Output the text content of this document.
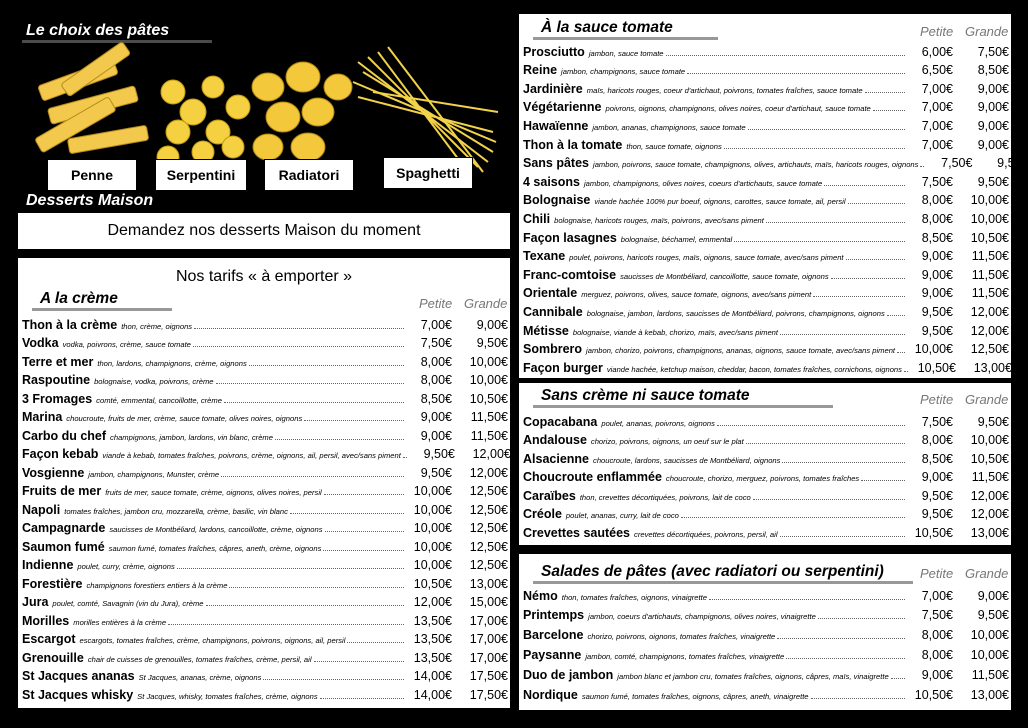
Le choix des pâtes
Penne	Serpentini	Radiatori	Spaghetti
Desserts Maison
Demandez nos desserts Maison du moment
Nos tarifs « à emporter »
A la crème	Petite Grande
Thon à la crème thon, crème, oignons	7,00€	9,00€
Vodka vodka, poivrons, crème, sauce tomate	7,50€	9,50€
Terre et mer thon, lardons, champignons, crème, oignons	8,00€	10,00€
Raspoutine bolognaise, vodka, poivrons, crème	8,00€	10,00€
3 Fromages comté, emmental, cancoillotte, crème	8,50€	10,50€
Marina choucroute, fruits de mer, crème, sauce tomate, olives noires, oignons	9,00€	11,50€
Carbo du chef champignons, jambon, lardons, vin blanc, crème	9,00€	11,50€
Façon kebab viande à kebab, tomates fraîches, poivrons, crème, oignons, ail, persil, avec/sans piment	9,50€	12,00€
Vosgienne jambon, champignons, Munster, crème	9,50€	12,00€
Fruits de mer fruits de mer, sauce tomate, crème, oignons, olives noires, persil	10,00€	12,50€
Napoli tomates fraîches, jambon cru, mozzarella, crème, basilic, vin blanc	10,00€	12,50€
Campagnarde saucisses de Montbéliard, lardons, cancoillotte, crème, oignons	10,00€	12,50€
Saumon fumé saumon fumé, tomates fraîches, câpres, aneth, crème, oignons	10,00€	12,50€
Indienne poulet, curry, crème, oignons	10,00€	12,50€
Forestière champignons forestiers entiers à la crème	10,50€	13,00€
Jura poulet, comté, Savagnin (vin du Jura), crème	12,00€	15,00€
Morilles morilles entières à la crème	13,50€	17,00€
Escargot escargots, tomates fraîches, crème, champignons, poivrons, oignons, ail, persil	13,50€	17,00€
Grenouille chair de cuisses de grenouilles, tomates fraîches, crème, persil, ail	13,50€	17,00€
St Jacques ananas St Jacques, ananas, crème, oignons	14,00€	17,50€
St Jacques whisky St Jacques, whisky, tomates fraîches, crème, oignons	14,00€	17,50€
À la sauce tomate	Petite Grande
Prosciutto jambon, sauce tomate	6,00€	7,50€
Reine jambon, champignons, sauce tomate	6,50€	8,50€
Jardinière maïs, haricots rouges, coeur d'artichaut, poivrons, tomates fraîches, sauce tomate	7,00€	9,00€
Végétarienne poivrons, oignons, champignons, olives noires, coeur d'artichaut, sauce tomate	7,00€	9,00€
Hawaïenne jambon, ananas, champignons, sauce tomate	7,00€	9,00€
Thon à la tomate thon, sauce tomate, oignons	7,00€	9,00€
Sans pâtes jambon, poivrons, sauce tomate, champignons, olives, artichauts, maïs, haricots rouges, oignons	7,50€	9,50€
4 saisons jambon, champignons, olives noires, coeurs d'artichauts, sauce tomate	7,50€	9,50€
Bolognaise viande hachée 100% pur boeuf, oignons, carottes, sauce tomate, ail, persil	8,00€	10,00€
Chili bolognaise, haricots rouges, maïs, poivrons, avec/sans piment	8,00€	10,00€
Façon lasagnes bolognaise, béchamel, emmental	8,50€	10,50€
Texane poulet, poivrons, haricots rouges, maïs, oignons, sauce tomate, avec/sans piment	9,00€	11,50€
Franc-comtoise saucisses de Montbéliard, cancoillotte, sauce tomate, oignons	9,00€	11,50€
Orientale merguez, poivrons, olives, sauce tomate, oignons, avec/sans piment	9,00€	11,50€
Cannibale bolognaise, jambon, lardons, saucisses de Montbéliard, poivrons, champignons, oignons	9,50€	12,00€
Métisse bolognaise, viande à kebab, chorizo, maïs, avec/sans piment	9,50€	12,00€
Sombrero jambon, chorizo, poivrons, champignons, ananas, oignons, sauce tomate, avec/sans piment	10,00€	12,50€
Façon burger viande hachée, ketchup maison, cheddar, bacon, tomates fraîches, cornichons, oignons	10,50€	13,00€
Sans crème ni sauce tomate	Petite Grande
Copacabana poulet, ananas, poivrons, oignons	7,50€	9,50€
Andalouse chorizo, poivrons, oignons, un oeuf sur le plat	8,00€	10,00€
Alsacienne choucroute, lardons, saucisses de Montbéliard, oignons	8,50€	10,50€
Choucroute enflammée choucroute, chorizo, merguez, poivrons, tomates fraîches	9,00€	11,50€
Caraïbes thon, crevettes décortiquées, poivrons, lait de coco	9,50€	12,00€
Créole poulet, ananas, curry, lait de coco	9,50€	12,00€
Crevettes sautées crevettes décortiquées, poivrons, persil, ail	10,50€	13,00€
Salades de pâtes (avec radiatori ou serpentini)	Petite Grande
Némo thon, tomates fraîches, oignons, vinaigrette	7,00€	9,00€
Printemps jambon, coeurs d'artichauts, champignons, olives noires, vinaigrette	7,50€	9,50€
Barcelone chorizo, poivrons, oignons, tomates fraîches, vinaigrette	8,00€	10,00€
Paysanne jambon, comté, champignons, tomates fraîches, vinaigrette	8,00€	10,00€
Duo de jambon jambon blanc et jambon cru, tomates fraîches, oignons, câpres, maïs, vinaigrette	9,00€	11,50€
Nordique saumon fumé, tomates fraîches, oignons, câpres, aneth, vinaigrette	10,50€	13,00€
